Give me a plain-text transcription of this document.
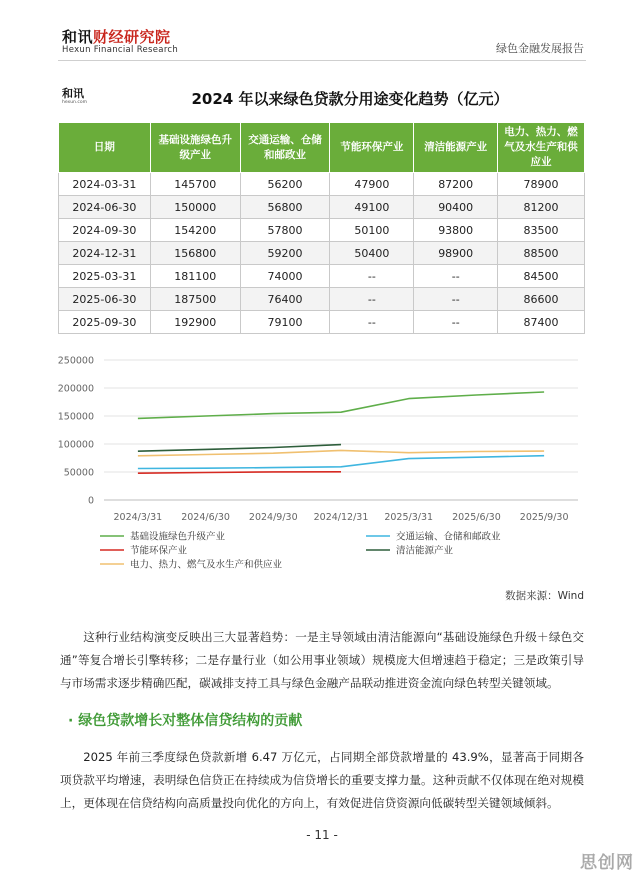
和讯财经研究院
Hexun Financial Research	绿色金融发展报告
和讯
hexun.com	2024 年以来绿色贷款分用途变化趋势（亿元）
日期	基础设施绿色升级产业	交通运输、仓储和邮政业	节能环保产业	清洁能源产业	电力、热力、燃气及水生产和供应业
2024-03-31	145700	56200	47900	87200	78900
2024-06-30	150000	56800	49100	90400	81200
2024-09-30	154200	57800	50100	93800	83500
2024-12-31	156800	59200	50400	98900	88500
2025-03-31	181100	74000	--	--	84500
2025-06-30	187500	76400	--	--	86600
2025-09-30	192900	79100	--	--	87400
250000
200000
150000
100000
50000
0
2024/3/31 2024/6/30 2024/9/30 2024/12/31 2025/3/31 2025/6/30 2025/9/30
基础设施绿色升级产业	交通运输、仓储和邮政业
节能环保产业	清洁能源产业
电力、热力、燃气及水生产和供应业
数据来源：Wind
这种行业结构演变反映出三大显著趋势：一是主导领域由清洁能源向“基础设施绿色升级＋绿色交通”等复合增长引擎转移；二是存量行业（如公用事业领域）规模庞大但增速趋于稳定；三是政策引导与市场需求逐步精确匹配，碳减排支持工具与绿色金融产品联动推进资金流向绿色转型关键领域。
· 绿色贷款增长对整体信贷结构的贡献
2025 年前三季度绿色贷款新增 6.47 万亿元，占同期全部贷款增量的 43.9%，显著高于同期各项贷款平均增速，表明绿色信贷正在持续成为信贷增长的重要支撑力量。这种贡献不仅体现在绝对规模上，更体现在信贷结构向高质量投向优化的方向上，有效促进信贷资源向低碳转型关键领域倾斜。
- 11 -
思创网
